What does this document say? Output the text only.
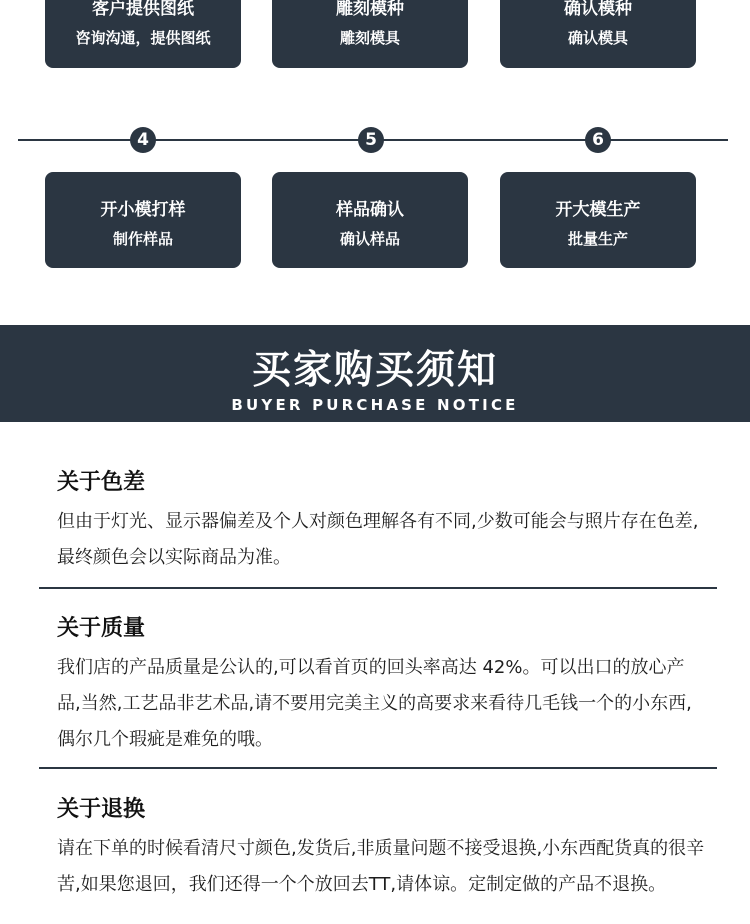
客户提供图纸
咨询沟通，提供图纸
雕刻模种
雕刻模具
确认模种
确认模具
4	5	6
开小模打样
制作样品
样品确认
确认样品
开大模生产
批量生产
买家购买须知
BUYER PURCHASE NOTICE
关于色差

但由于灯光、显示器偏差及个人对颜色理解各有不同,少数可能会与照片存在色差,最终颜色会以实际商品为准。

关于质量

我们店的产品质量是公认的,可以看首页的回头率高达 42%。可以出口的放心产品,当然,工艺品非艺术品,请不要用完美主义的高要求来看待几毛钱一个的小东西,偶尔几个瑕疵是难免的哦。

关于退换

请在下单的时候看清尺寸颜色,发货后,非质量问题不接受退换,小东西配货真的很辛苦,如果您退回，我们还得一个个放回去TT,请体谅。定制定做的产品不退换。
